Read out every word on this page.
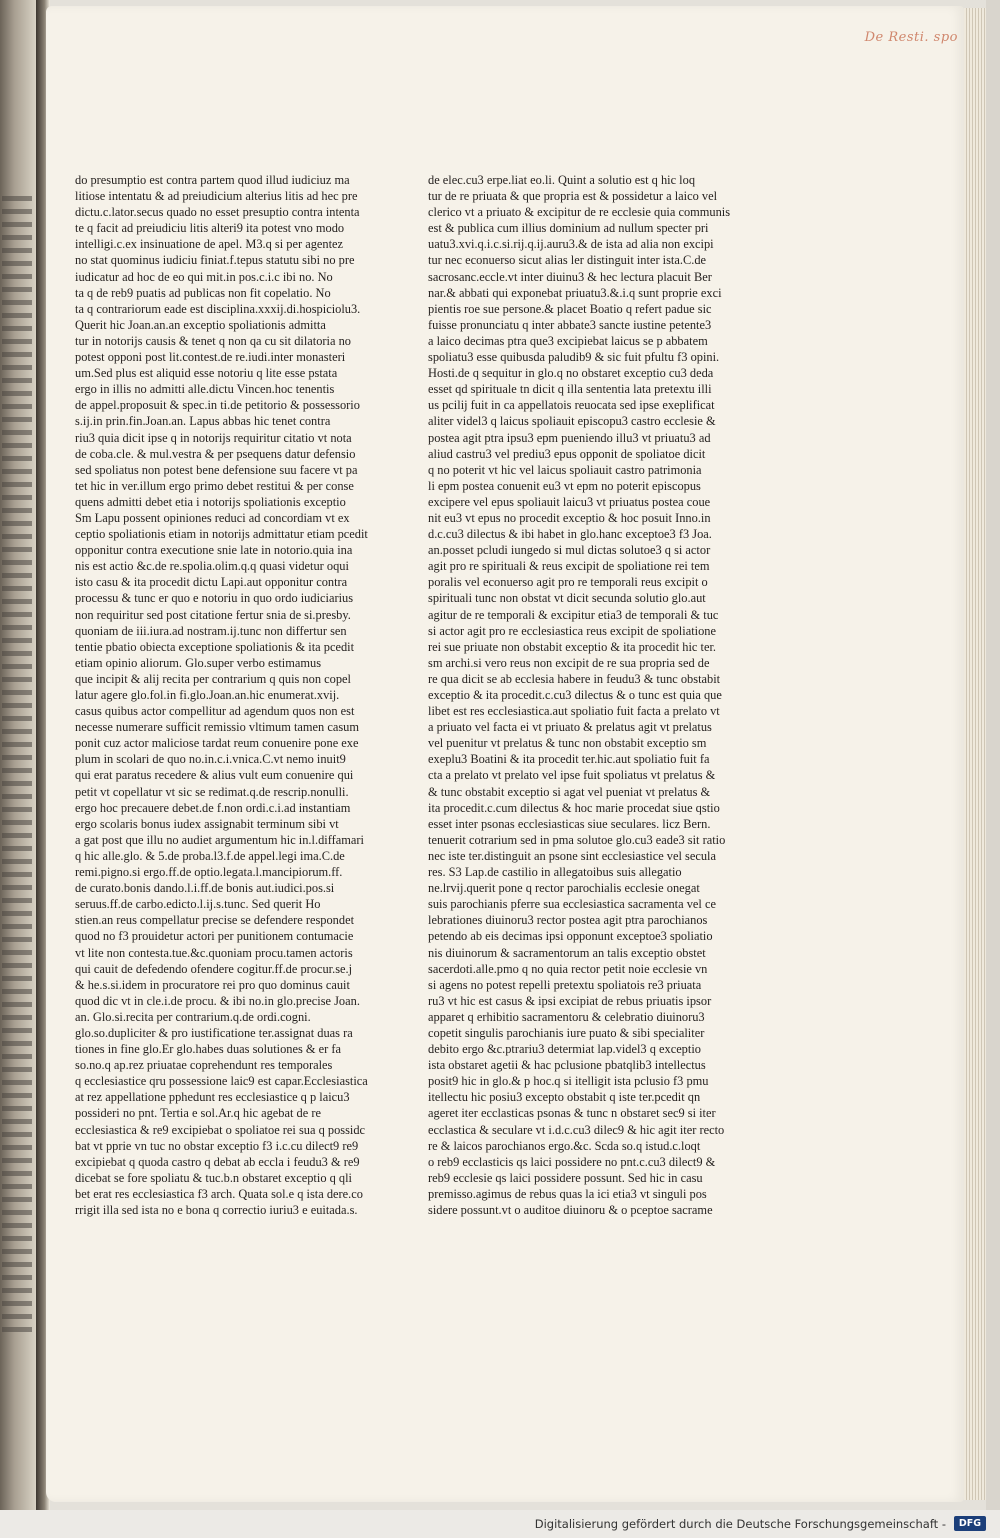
De Resti. spo
do presumptio est contra partem quod illud iudiciuz ma
litiose intentatu & ad preiudicium alterius litis ad hec pre
dictu.c.lator.secus quado no esset presuptio contra intenta
te q facit ad preiudiciu litis alteri9 ita potest vno modo
intelligi.c.ex insinuatione de apel. M3.q si per agentez
no stat quominus iudiciu finiat.f.tepus statutu sibi no pre
iudicatur ad hoc de eo qui mit.in pos.c.i.c ibi no. No
ta q de reb9 puatis ad publicas non fit copelatio. No
ta q contrariorum eade est disciplina.xxxij.di.hospiciolu3.
Querit hic Joan.an.an exceptio spoliationis admitta
tur in notorijs causis & tenet q non qa cu sit dilatoria no
potest opponi post lit.contest.de re.iudi.inter monasteri
um.Sed plus est aliquid esse notoriu q lite esse pstata
ergo in illis no admitti alle.dictu Vincen.hoc tenentis
de appel.proposuit & spec.in ti.de petitorio & possessorio
s.ij.in prin.fin.Joan.an. Lapus abbas hic tenet contra
riu3 quia dicit ipse q in notorijs requiritur citatio vt nota
de coba.cle. & mul.vestra & per psequens datur defensio
sed spoliatus non potest bene defensione suu facere vt pa
tet hic in ver.illum ergo primo debet restitui & per conse
quens admitti debet etia i notorijs spoliationis exceptio
Sm Lapu possent opiniones reduci ad concordiam vt ex
ceptio spoliationis etiam in notorijs admittatur etiam pcedit
opponitur contra executione snie late in notorio.quia ina
nis est actio &c.de re.spolia.olim.q.q quasi videtur oqui
isto casu & ita procedit dictu Lapi.aut opponitur contra
processu & tunc er quo e notoriu in quo ordo iudiciarius
non requiritur sed post citatione fertur snia de si.presby.
quoniam de iii.iura.ad nostram.ij.tunc non differtur sen
tentie pbatio obiecta exceptione spoliationis & ita pcedit
etiam opinio aliorum. Glo.super verbo estimamus
que incipit & alij recita per contrarium q quis non copel
latur agere glo.fol.in fi.glo.Joan.an.hic enumerat.xvij.
casus quibus actor compellitur ad agendum quos non est
necesse numerare sufficit remissio vltimum tamen casum
ponit cuz actor maliciose tardat reum conuenire pone exe
plum in scolari de quo no.in.c.i.vnica.C.vt nemo inuit9
qui erat paratus recedere & alius vult eum conuenire qui
petit vt copellatur vt sic se redimat.q.de rescrip.nonulli.
ergo hoc precauere debet.de f.non ordi.c.i.ad instantiam
ergo scolaris bonus iudex assignabit terminum sibi vt
a gat post que illu no audiet argumentum hic in.l.diffamari
q hic alle.glo. & 5.de proba.l3.f.de appel.legi ima.C.de
remi.pigno.si ergo.ff.de optio.legata.l.mancipiorum.ff.
de curato.bonis dando.l.i.ff.de bonis aut.iudici.pos.si
seruus.ff.de carbo.edicto.l.ij.s.tunc. Sed querit Ho
stien.an reus compellatur precise se defendere respondet
quod no f3 prouidetur actori per punitionem contumacie
vt lite non contesta.tue.&c.quoniam procu.tamen actoris
qui cauit de defedendo ofendere cogitur.ff.de procur.se.j
& he.s.si.idem in procuratore rei pro quo dominus cauit
quod dic vt in cle.i.de procu. & ibi no.in glo.precise Joan.
an. Glo.si.recita per contrarium.q.de ordi.cogni.
glo.so.dupliciter & pro iustificatione ter.assignat duas ra
tiones in fine glo.Er glo.habes duas solutiones & er fa
so.no.q ap.rez priuatae coprehendunt res temporales
q ecclesiastice qru possessione laic9 est capar.Ecclesiastica
at rez appellatione pphedunt res ecclesiastice q p laicu3
possideri no pnt. Tertia e sol.Ar.q hic agebat de re
ecclesiastica & re9 excipiebat o spoliatoe rei sua q possidc
bat vt pprie vn tuc no obstar exceptio f3 i.c.cu dilect9 re9
excipiebat q quoda castro q debat ab eccla i feudu3 & re9
dicebat se fore spoliatu & tuc.b.n obstaret exceptio q qli
bet erat res ecclesiastica f3 arch. Quata sol.e q ista dere.co
rrigit illa sed ista no e bona q correctio iuriu3 e euitada.s.
de elec.cu3 erpe.liat eo.li. Quint a solutio est q hic loq
tur de re priuata & que propria est & possidetur a laico vel
clerico vt a priuato & excipitur de re ecclesie quia communis
est & publica cum illius dominium ad nullum specter pri
uatu3.xvi.q.i.c.si.rij.q.ij.auru3.& de ista ad alia non excipi
tur nec econuerso sicut alias ler distinguit inter ista.C.de
sacrosanc.eccle.vt inter diuinu3 & hec lectura placuit Ber
nar.& abbati qui exponebat priuatu3.&.i.q sunt proprie exci
pientis roe sue persone.& placet Boatio q refert padue sic
fuisse pronunciatu q inter abbate3 sancte iustine petente3
a laico decimas ptra que3 excipiebat laicus se p abbatem
spoliatu3 esse quibusda paludib9 & sic fuit pfultu f3 opini.
Hosti.de q sequitur in glo.q no obstaret exceptio cu3 deda
esset qd spirituale tn dicit q illa sententia lata pretextu illi
us pcilij fuit in ca appellatois reuocata sed ipse exeplificat
aliter videl3 q laicus spoliauit episcopu3 castro ecclesie &
postea agit ptra ipsu3 epm pueniendo illu3 vt priuatu3 ad
aliud castru3 vel prediu3 epus opponit de spoliatoe dicit
q no poterit vt hic vel laicus spoliauit castro patrimonia
li epm postea conuenit eu3 vt epm no poterit episcopus
excipere vel epus spoliauit laicu3 vt priuatus postea coue
nit eu3 vt epus no procedit exceptio & hoc posuit Inno.in
d.c.cu3 dilectus & ibi habet in glo.hanc exceptoe3 f3 Joa.
an.posset pcludi iungedo si mul dictas solutoe3 q si actor
agit pro re spirituali & reus excipit de spoliatione rei tem
poralis vel econuerso agit pro re temporali reus excipit o
spirituali tunc non obstat vt dicit secunda solutio glo.aut
agitur de re temporali & excipitur etia3 de temporali & tuc
si actor agit pro re ecclesiastica reus excipit de spoliatione
rei sue priuate non obstabit exceptio & ita procedit hic ter.
sm archi.si vero reus non excipit de re sua propria sed de
re qua dicit se ab ecclesia habere in feudu3 & tunc obstabit
exceptio & ita procedit.c.cu3 dilectus & o tunc est quia que
libet est res ecclesiastica.aut spoliatio fuit facta a prelato vt
a priuato vel facta ei vt priuato & prelatus agit vt prelatus
vel puenitur vt prelatus & tunc non obstabit exceptio sm
exeplu3 Boatini & ita procedit ter.hic.aut spoliatio fuit fa
cta a prelato vt prelato vel ipse fuit spoliatus vt prelatus &
& tunc obstabit exceptio si agat vel pueniat vt prelatus &
ita procedit.c.cum dilectus & hoc marie procedat siue qstio
esset inter psonas ecclesiasticas siue seculares. licz Bern.
tenuerit cotrarium sed in pma solutoe glo.cu3 eade3 sit ratio
nec iste ter.distinguit an psone sint ecclesiastice vel secula
res. S3 Lap.de castilio in allegatoibus suis allegatio
ne.lrvij.querit pone q rector parochialis ecclesie onegat
suis parochianis pferre sua ecclesiastica sacramenta vel ce
lebrationes diuinoru3 rector postea agit ptra parochianos
petendo ab eis decimas ipsi opponunt exceptoe3 spoliatio
nis diuinorum & sacramentorum an talis exceptio obstet
sacerdoti.alle.pmo q no quia rector petit noie ecclesie vn
si agens no potest repelli pretextu spoliatois re3 priuata
ru3 vt hic est casus & ipsi excipiat de rebus priuatis ipsor
apparet q erhibitio sacramentoru & celebratio diuinoru3
copetit singulis parochianis iure puato & sibi specialiter
debito ergo &c.ptrariu3 determiat lap.videl3 q exceptio
ista obstaret agetii & hac pclusione pbatqlib3 intellectus
posit9 hic in glo.& p hoc.q si itelligit ista pclusio f3 pmu
itellectu hic posiu3 excepto obstabit q iste ter.pcedit qn
ageret iter ecclasticas psonas & tunc n obstaret sec9 si iter
ecclastica & seculare vt i.d.c.cu3 dilec9 & hic agit iter recto
re & laicos parochianos ergo.&c. Scda so.q istud.c.loqt
o reb9 ecclasticis qs laici possidere no pnt.c.cu3 dilect9 &
reb9 ecclesie qs laici possidere possunt. Sed hic in casu
premisso.agimus de rebus quas la ici etia3 vt singuli pos
sidere possunt.vt o auditoe diuinoru & o pceptoe sacrame
Digitalisierung gefördert durch die Deutsche Forschungsgemeinschaft -	DFG
